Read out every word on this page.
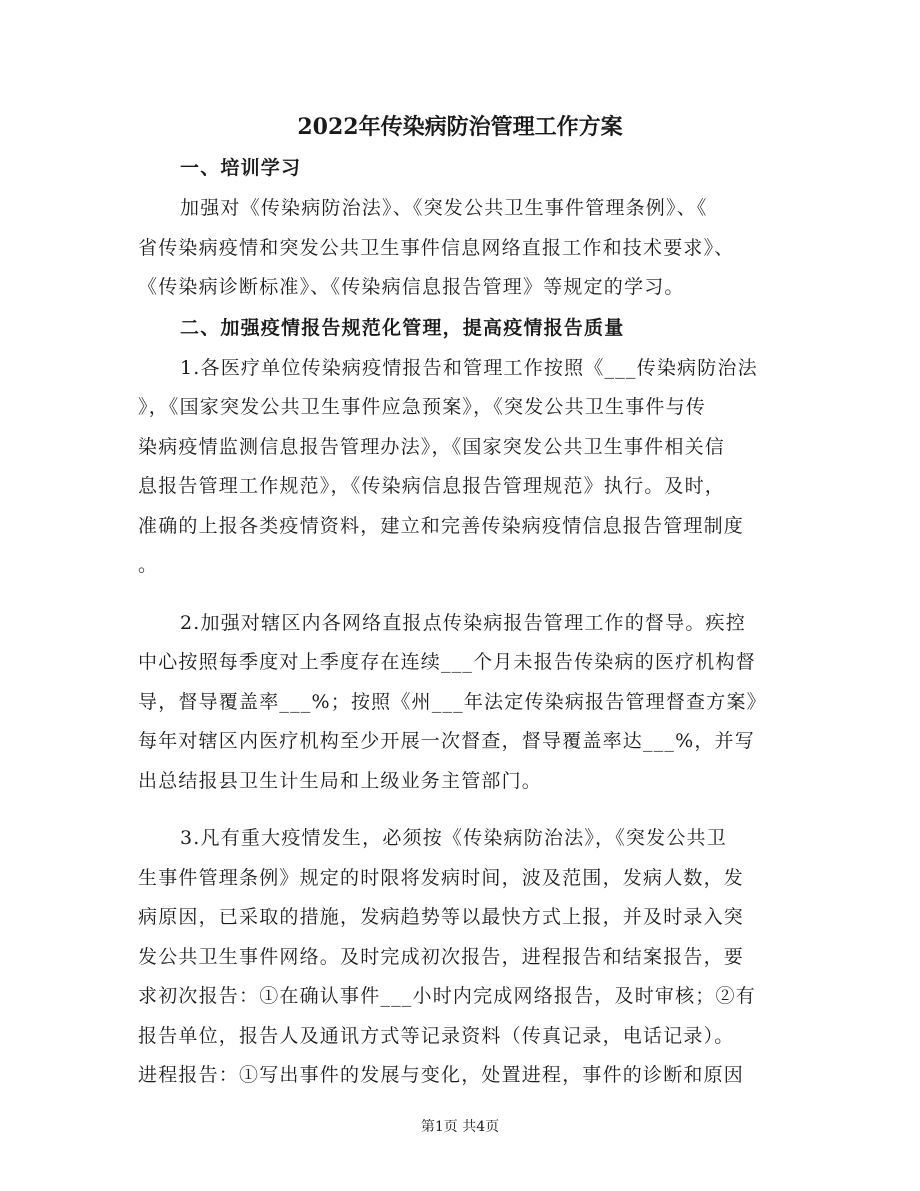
2022年传染病防治管理工作方案
一、培训学习
加强对《传染病防治法》、《突发公共卫生事件管理条例》、《
省传染病疫情和突发公共卫生事件信息网络直报工作和技术要求》、
《传染病诊断标准》、《传染病信息报告管理》等规定的学习。
二、加强疫情报告规范化管理，提高疫情报告质量
1.各医疗单位传染病疫情报告和管理工作按照《___传染病防治法
》，《国家突发公共卫生事件应急预案》，《突发公共卫生事件与传
染病疫情监测信息报告管理办法》，《国家突发公共卫生事件相关信
息报告管理工作规范》，《传染病信息报告管理规范》执行。及时，
准确的上报各类疫情资料，建立和完善传染病疫情信息报告管理制度
。
2.加强对辖区内各网络直报点传染病报告管理工作的督导。疾控
中心按照每季度对上季度存在连续___个月未报告传染病的医疗机构督
导，督导覆盖率___%；按照《州___年法定传染病报告管理督查方案》
每年对辖区内医疗机构至少开展一次督查，督导覆盖率达___%，并写
出总结报县卫生计生局和上级业务主管部门。
3.凡有重大疫情发生，必须按《传染病防治法》，《突发公共卫
生事件管理条例》规定的时限将发病时间，波及范围，发病人数，发
病原因，已采取的措施，发病趋势等以最快方式上报，并及时录入突
发公共卫生事件网络。及时完成初次报告，进程报告和结案报告，要
求初次报告：①在确认事件___小时内完成网络报告，及时审核；②有
报告单位，报告人及通讯方式等记录资料（传真记录，电话记录）。
进程报告：①写出事件的发展与变化，处置进程，事件的诊断和原因
第1页 共4页
